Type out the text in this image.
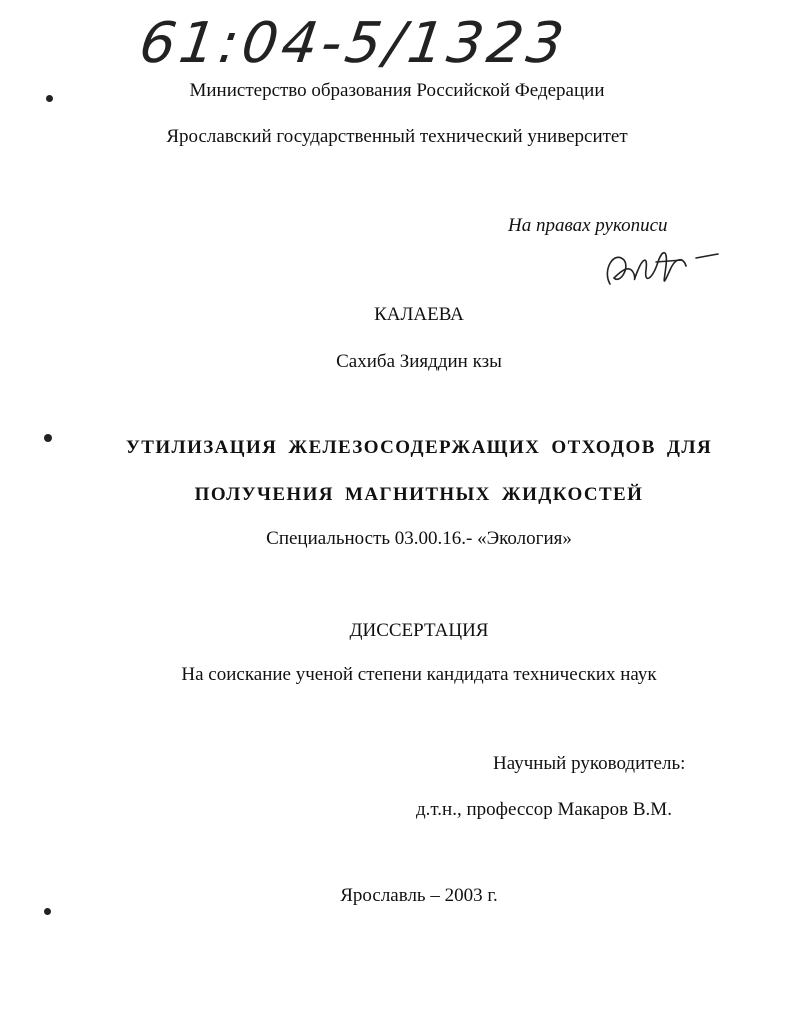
61:04-5/1323
Министерство образования Российской Федерации
Ярославский государственный технический университет
На правах рукописи
КАЛАЕВА
Сахиба Зияддин кзы
УТИЛИЗАЦИЯ ЖЕЛЕЗОСОДЕРЖАЩИХ ОТХОДОВ ДЛЯ
ПОЛУЧЕНИЯ МАГНИТНЫХ ЖИДКОСТЕЙ
Специальность 03.00.16.- «Экология»
ДИССЕРТАЦИЯ
На соискание ученой степени кандидата технических наук
Научный руководитель:
д.т.н., профессор Макаров В.М.
Ярославль – 2003 г.
